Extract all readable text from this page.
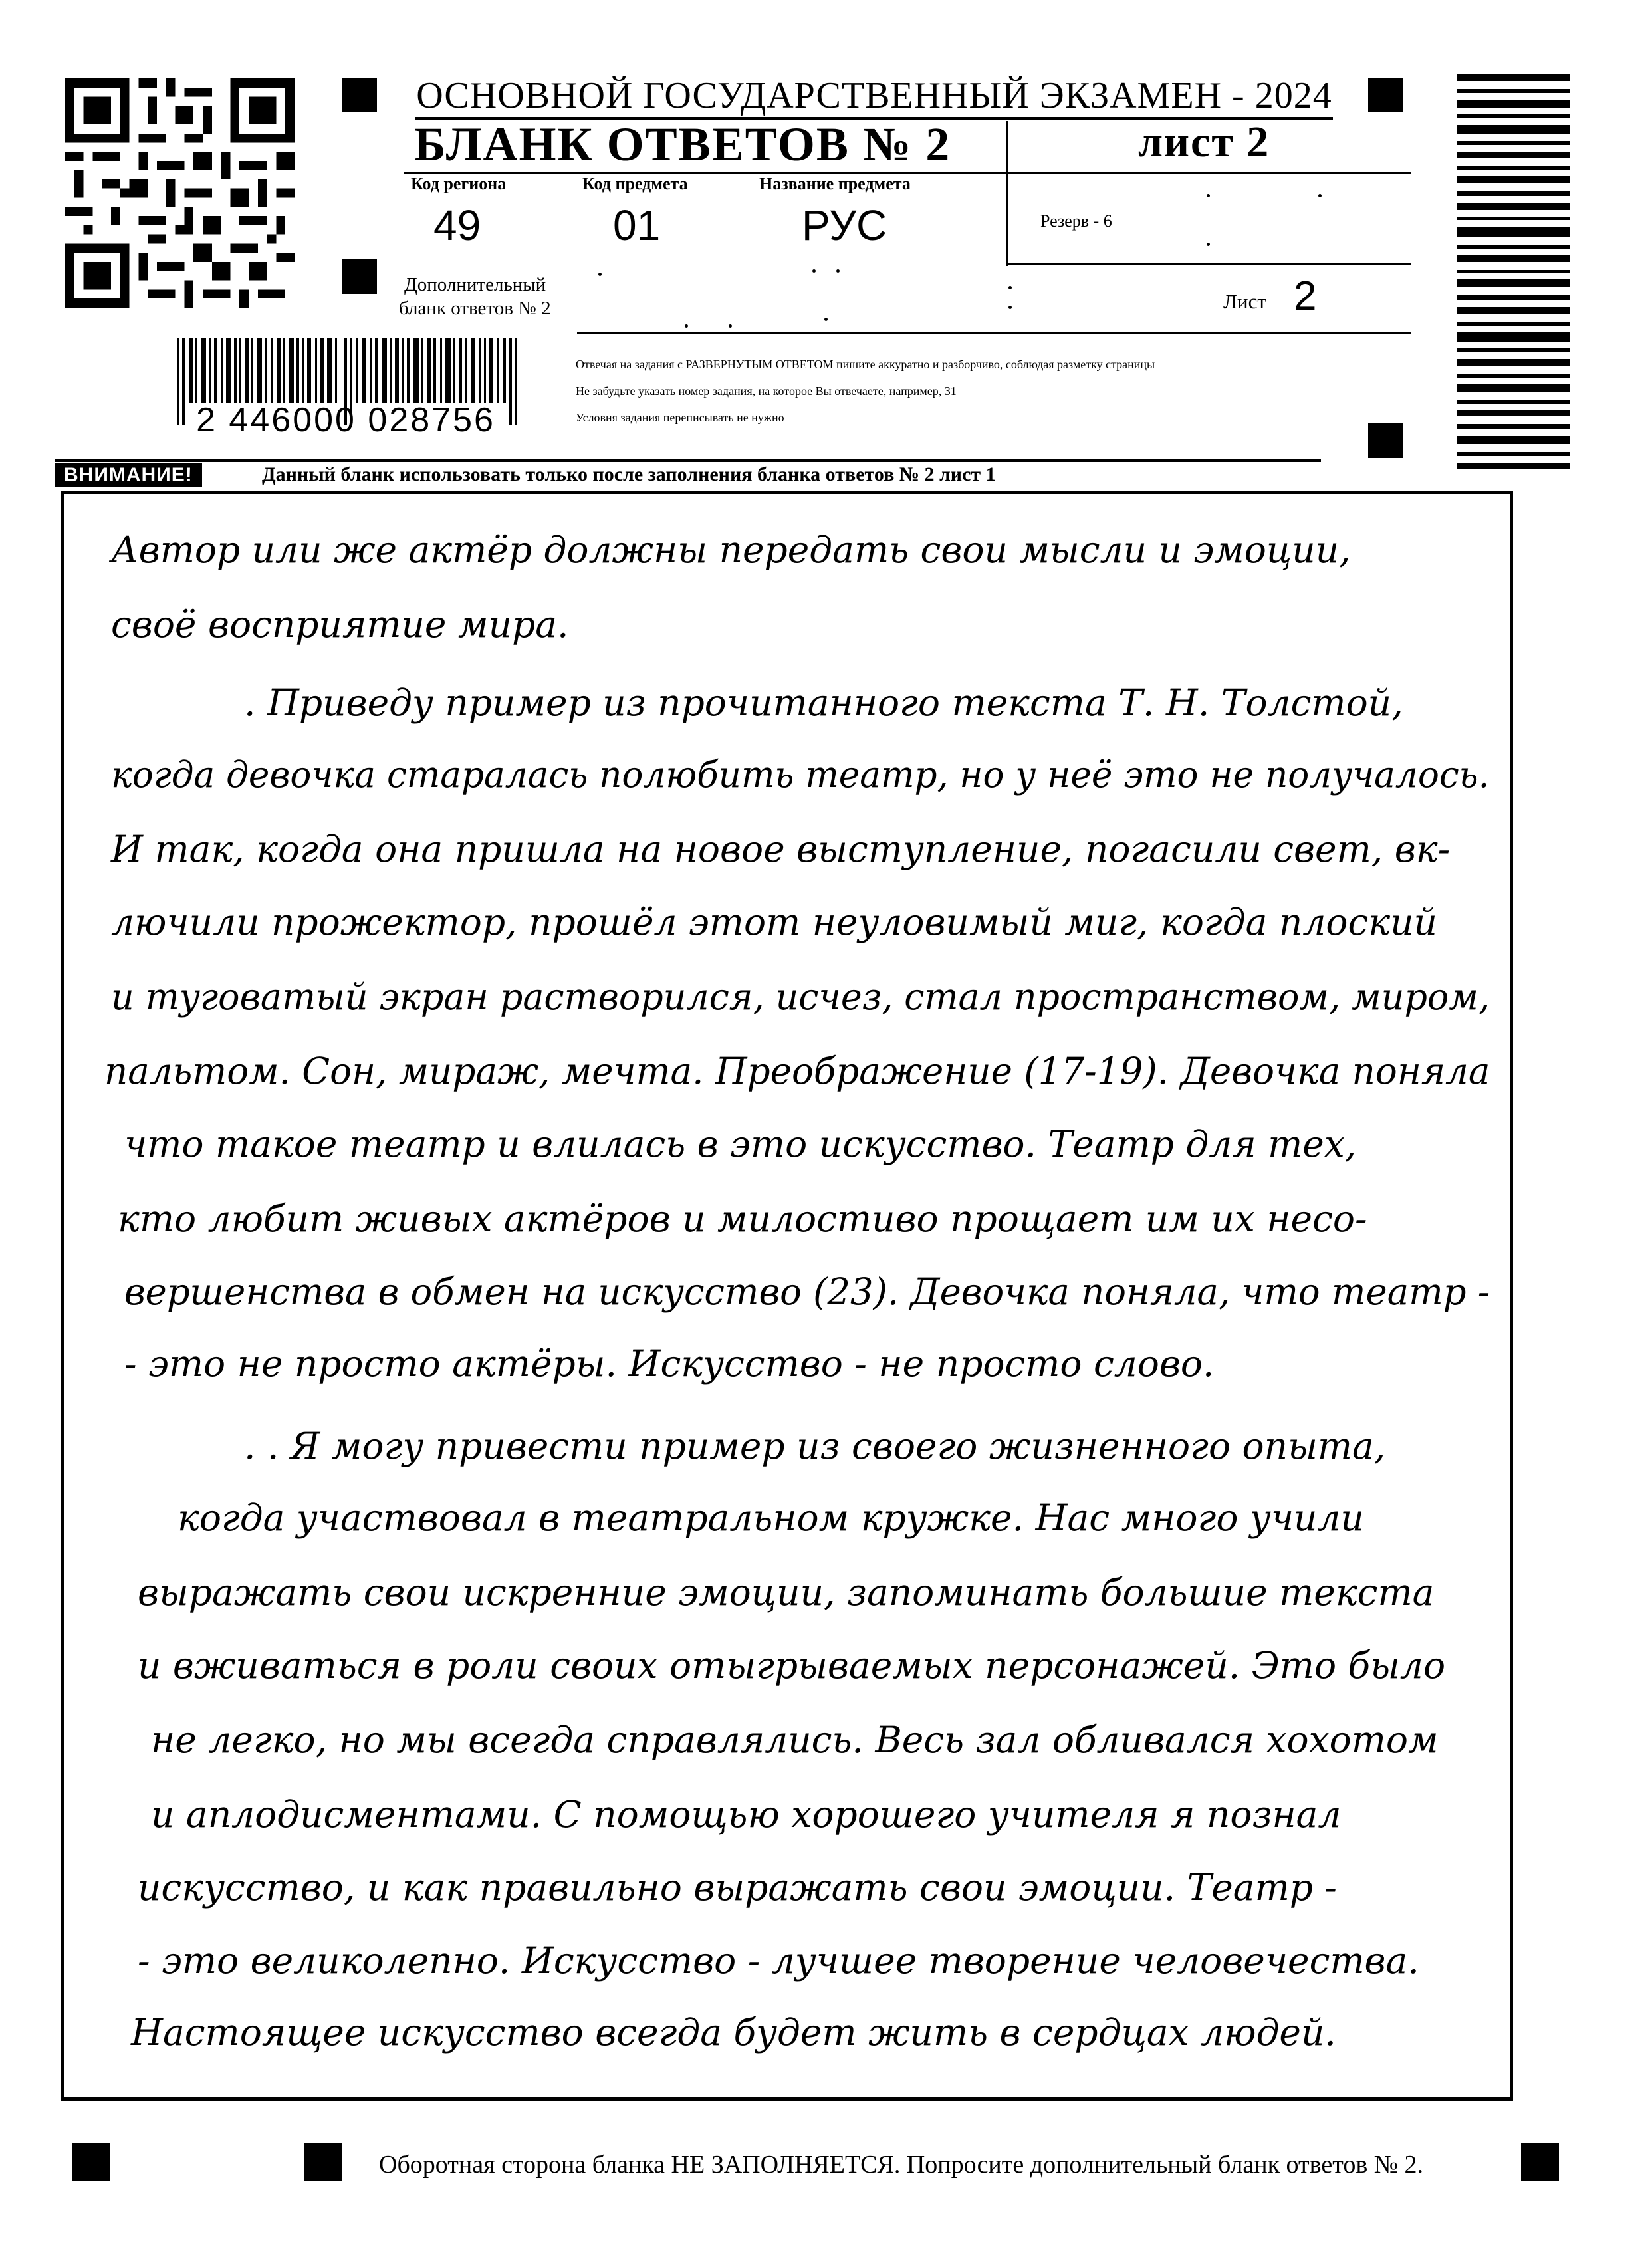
ОСНОВНОЙ ГОСУДАРСТВЕННЫЙ ЭКЗАМЕН - 2024
БЛАНК ОТВЕТОВ № 2	лист 2
Код региона
49
Код предмета
01
Название предмета
РУС	Резерв - 6
Дополнительный
бланк ответов № 2	Лист 2
2 446000 028756
Отвечая на задания с РАЗВЕРНУТЫМ ОТВЕТОМ пишите аккуратно и разборчиво, соблюдая разметку страницы
Не забудьте указать номер задания, на которое Вы отвечаете, например, 31
Условия задания переписывать не нужно
ВНИМАНИЕ!	Данный бланк использовать только после заполнения бланка ответов № 2 лист 1
Автор или же актёр должны передать свои мысли и эмоции,
своё восприятие мира.
. Приведу пример из прочитанного текста Т. Н. Толстой,
когда девочка старалась полюбить театр, но у неё это не получалось.
И так, когда она пришла на новое выступление, погасили свет, вк-
лючили прожектор, прошёл этот неуловимый миг, когда плоский
и туговатый экран растворился, исчез, стал пространством, миром,
пальтом. Сон, мираж, мечта. Преображение (17-19). Девочка поняла
что такое театр и влилась в это искусство. Театр для тех,
кто любит живых актёров и милостиво прощает им их несо-
вершенства в обмен на искусство (23). Девочка поняла, что театр -
- это не просто актёры. Искусство - не просто слово.
. . Я могу привести пример из своего жизненного опыта,
когда участвовал в театральном кружке. Нас много учили
выражать свои искренние эмоции, запоминать большие текста
и вживаться в роли своих отыгрываемых персонажей. Это было
не легко, но мы всегда справлялись. Весь зал обливался хохотом
и аплодисментами. С помощью хорошего учителя я познал
искусство, и как правильно выражать свои эмоции. Театр -
- это великолепно. Искусство - лучшее творение человечества.
Настоящее искусство всегда будет жить в сердцах людей.
Оборотная сторона бланка НЕ ЗАПОЛНЯЕТСЯ. Попросите дополнительный бланк ответов № 2.
